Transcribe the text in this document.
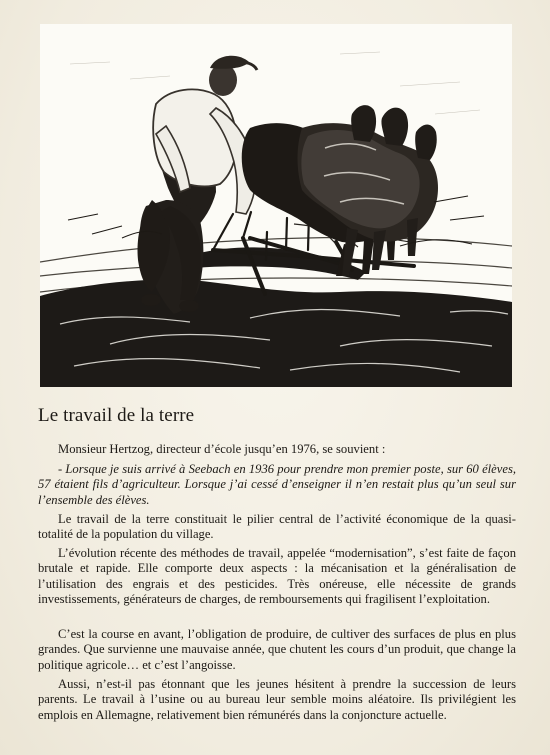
Le travail de la terre

Monsieur Hertzog, directeur d’école jusqu’en 1976, se souvient :

- Lorsque je suis arrivé à Seebach en 1936 pour prendre mon premier poste, sur 60 élèves, 57 étaient fils d’agriculteur. Lorsque j’ai cessé d’enseigner il n’en restait plus qu’un seul sur l’ensemble des élèves.

Le travail de la terre constituait le pilier central de l’activité économique de la quasi-totalité de la population du village.

L’évolution récente des méthodes de travail, appelée “modernisation”, s’est faite de façon brutale et rapide. Elle comporte deux aspects : la mécanisation et la généralisation de l’utilisation des engrais et des pesticides. Très onéreuse, elle nécessite de grands investissements, générateurs de charges, de remboursements qui fragilisent l’exploitation.

C’est la course en avant, l’obligation de produire, de cultiver des surfaces de plus en plus grandes. Que survienne une mauvaise année, que chutent les cours d’un produit, que change la politique agricole… et c’est l’angoisse.

Aussi, n’est-il pas étonnant que les jeunes hésitent à prendre la succession de leurs parents. Le travail à l’usine ou au bureau leur semble moins aléatoire. Ils privilégient les emplois en Allemagne, relativement bien rémunérés dans la conjoncture actuelle.
